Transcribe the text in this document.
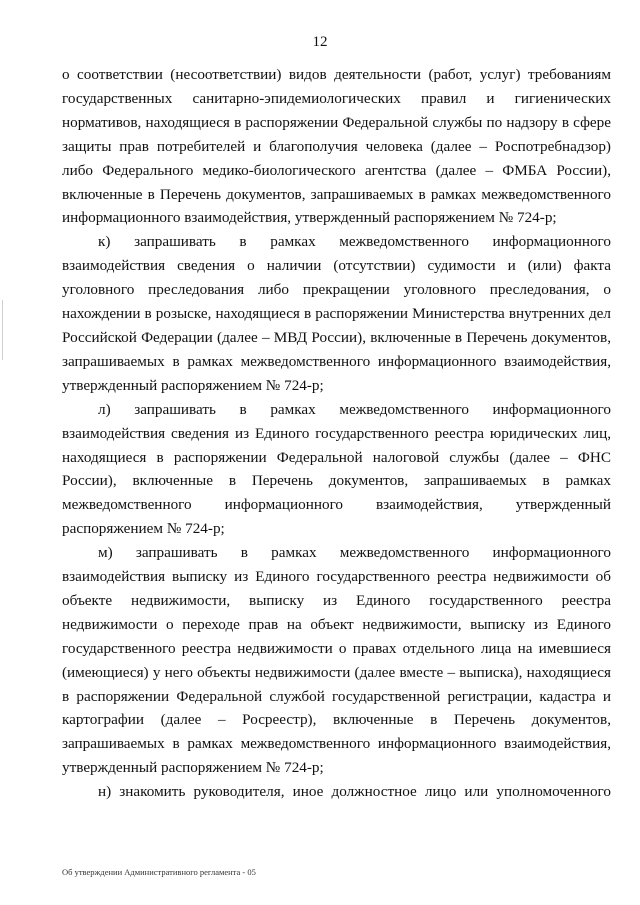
12

о соответствии (несоответствии) видов деятельности (работ, услуг) требованиям государственных санитарно-эпидемиологических правил и гигиенических нормативов, находящиеся в распоряжении Федеральной службы по надзору в сфере защиты прав потребителей и благополучия человека (далее – Роспотребнадзор) либо Федерального медико-биологического агентства (далее – ФМБА России), включенные в Перечень документов, запрашиваемых в рамках межведомственного информационного взаимодействия, утвержденный распоряжением № 724-р;

к) запрашивать в рамках межведомственного информационного взаимодействия сведения о наличии (отсутствии) судимости и (или) факта уголовного преследования либо прекращении уголовного преследования, о нахождении в розыске, находящиеся в распоряжении Министерства внутренних дел Российской Федерации (далее – МВД России), включенные в Перечень документов, запрашиваемых в рамках межведомственного информационного взаимодействия, утвержденный распоряжением № 724-р;

л) запрашивать в рамках межведомственного информационного взаимодействия сведения из Единого государственного реестра юридических лиц, находящиеся в распоряжении Федеральной налоговой службы (далее – ФНС России), включенные в Перечень документов, запрашиваемых в рамках межведомственного информационного взаимодействия, утвержденный распоряжением № 724-р;

м) запрашивать в рамках межведомственного информационного взаимодействия выписку из Единого государственного реестра недвижимости об объекте недвижимости, выписку из Единого государственного реестра недвижимости о переходе прав на объект недвижимости, выписку из Единого государственного реестра недвижимости о правах отдельного лица на имевшиеся (имеющиеся) у него объекты недвижимости (далее вместе – выписка), находящиеся в распоряжении Федеральной службой государственной регистрации, кадастра и картографии (далее – Росреестр), включенные в Перечень документов, запрашиваемых в рамках межведомственного информационного взаимодействия, утвержденный распоряжением № 724-р;

н) знакомить руководителя, иное должностное лицо или уполномоченного

Об утверждении Административного регламента - 05
